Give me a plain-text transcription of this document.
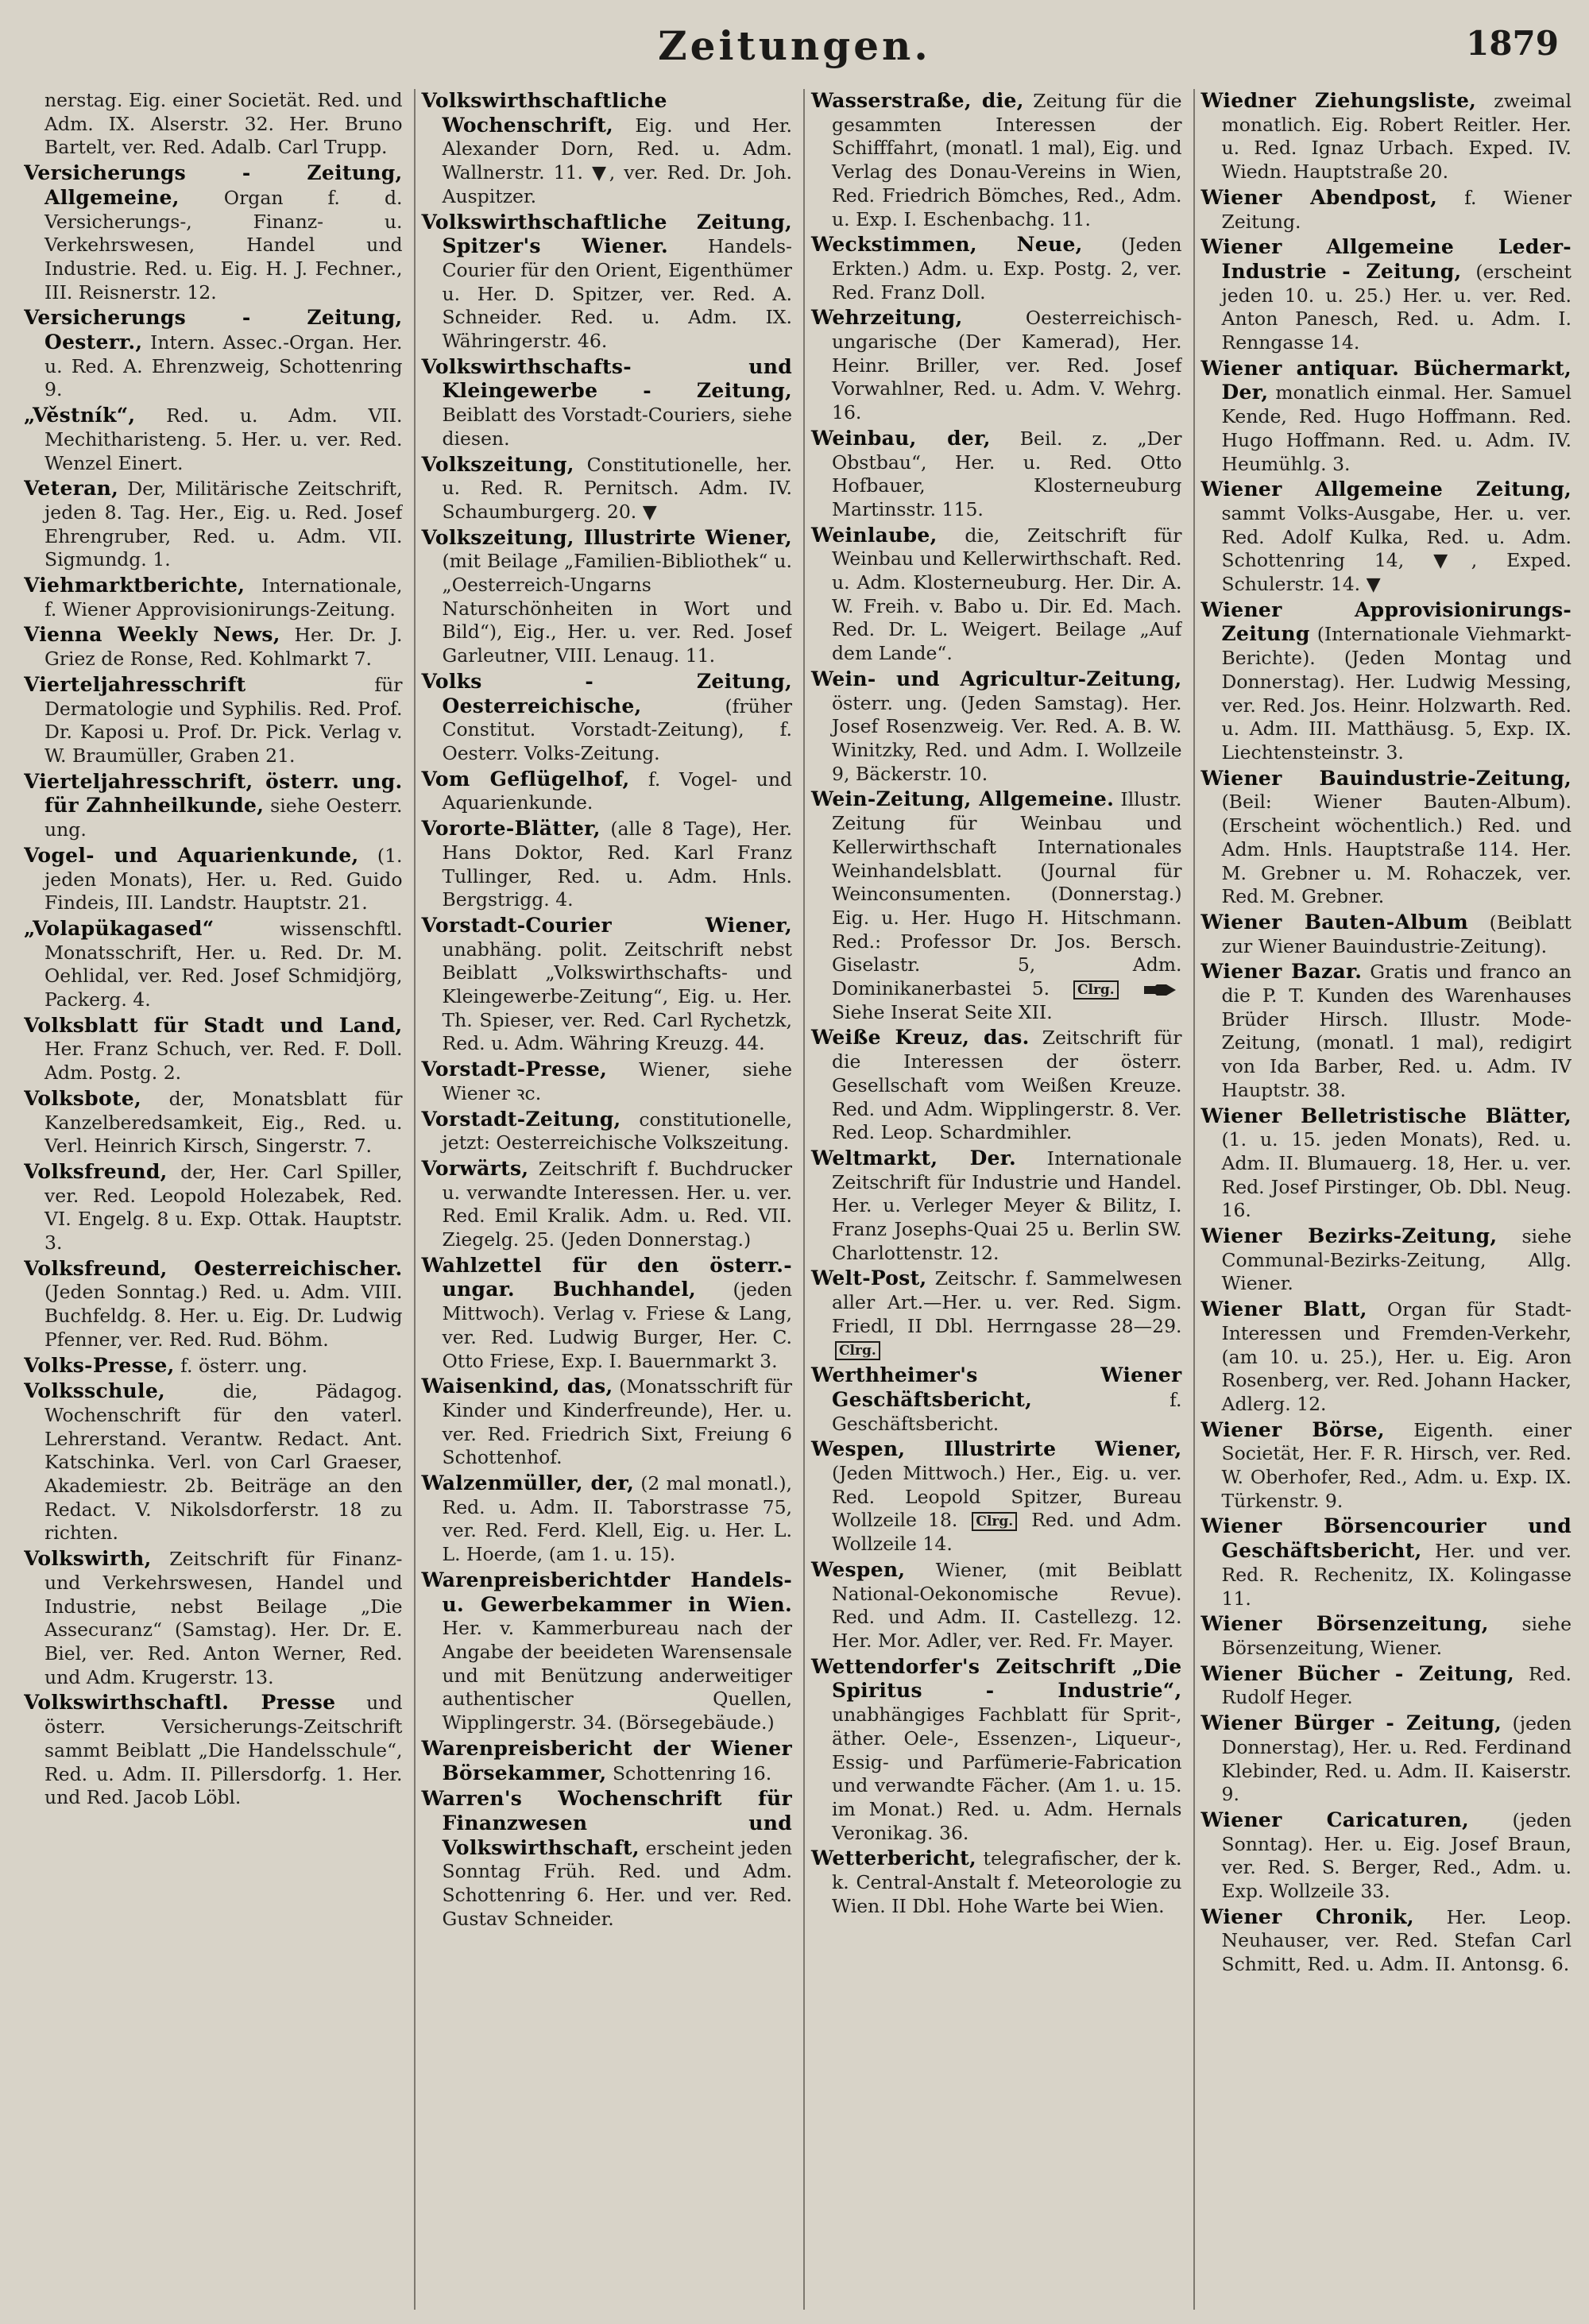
Zeitungen.	1879

nerstag. Eig. einer Societät. Red. und Adm. IX. Alserstr. 32. Her. Bruno Bartelt, ver. Red. Adalb. Carl Trupp.

Versicherungs - Zeitung, Allgemeine, Organ f. d. Versicherungs-, Finanz- u. Verkehrswesen, Handel und Industrie. Red. u. Eig. H. J. Fechner., III. Reisnerstr. 12.

Versicherungs - Zeitung, Oesterr., Intern. Assec.-Organ. Her. u. Red. A. Ehrenzweig, Schottenring 9.

„Věstník“, Red. u. Adm. VII. Mechitharisteng. 5. Her. u. ver. Red. Wenzel Einert.

Veteran, Der, Militärische Zeitschrift, jeden 8. Tag. Her., Eig. u. Red. Josef Ehrengruber, Red. u. Adm. VII. Sigmundg. 1.

Viehmarktberichte, Internationale, f. Wiener Approvisionirungs-Zeitung.

Vienna Weekly News, Her. Dr. J. Griez de Ronse, Red. Kohlmarkt 7.

Vierteljahresschrift	für Dermatologie und Syphilis. Red. Prof. Dr. Kaposi u. Prof. Dr. Pick. Verlag v. W. Braumüller, Graben 21.

Vierteljahresschrift, österr. ung. für Zahnheilkunde, siehe Oesterr. ung.

Vogel- und Aquarienkunde, (1. jeden Monats), Her. u. Red. Guido Findeis, III. Landstr. Hauptstr. 21.

„Volapükagased“	wissenschftl. Monatsschrift, Her. u. Red. Dr. M. Oehlidal, ver. Red. Josef Schmidjörg, Packerg. 4.

Volksblatt für Stadt und Land, Her. Franz Schuch, ver. Red. F. Doll. Adm. Postg. 2.

Volksbote, der, Monatsblatt für Kanzelberedsamkeit, Eig., Red. u. Verl. Heinrich Kirsch, Singerstr. 7.

Volksfreund, der, Her. Carl Spiller, ver. Red. Leopold Holezabek, Red. VI. Engelg. 8 u. Exp. Ottak. Hauptstr. 3.

Volksfreund, Oesterreichischer. (Jeden Sonntag.) Red. u. Adm. VIII. Buchfeldg. 8. Her. u. Eig. Dr. Ludwig Pfenner, ver. Red. Rud. Böhm.

Volks-Presse, f. österr. ung.

Volksschule,	die, Pädagog. Wochenschrift für den vaterl. Lehrerstand. Verantw. Redact. Ant. Katschinka. Verl. von Carl Graeser, Akademiestr. 2b. Beiträge an den Redact. V. Nikolsdorferstr. 18 zu richten.

Volkswirth, Zeitschrift für Finanz- und Verkehrswesen, Handel und Industrie, nebst Beilage „Die Assecuranz“ (Samstag). Her. Dr. E. Biel, ver. Red. Anton Werner, Red. und Adm. Krugerstr. 13.

Volkswirthschaftl. Presse und österr. Versicherungs-Zeitschrift sammt Beiblatt „Die Handelsschule“, Red. u. Adm. II. Pillersdorfg. 1. Her. und Red. Jacob Löbl.

Volkswirthschaftliche Wochenschrift, Eig. und Her. Alexander Dorn, Red. u. Adm. Wallnerstr. 11. ▼, ver. Red. Dr. Joh. Auspitzer.

Volkswirthschaftliche Zeitung, Spitzer's Wiener. Handels-Courier für den Orient, Eigenthümer u. Her. D. Spitzer, ver. Red. A. Schneider. Red. u. Adm. IX. Währingerstr. 46.

Volkswirthschafts- und Kleingewerbe - Zeitung, Beiblatt des Vorstadt-Couriers, siehe diesen.

Volkszeitung, Constitutionelle, her. u. Red. R. Pernitsch. Adm. IV. Schaumburgerg. 20. ▼

Volkszeitung, Illustrirte Wiener, (mit Beilage „Familien-Bibliothek“ u. „Oesterreich-Ungarns Naturschönheiten in Wort und Bild“), Eig., Her. u. ver. Red. Josef Garleutner, VIII. Lenaug. 11.

Volks - Zeitung, Oesterreichische,	(früher Constitut. Vorstadt-Zeitung), f. Oesterr. Volks-Zeitung.

Vom Geflügelhof, f. Vogel- und Aquarienkunde.

Vororte-Blätter, (alle 8 Tage), Her. Hans Doktor, Red. Karl Franz Tullinger, Red. u. Adm. Hnls. Bergstrigg. 4.

Vorstadt-Courier Wiener, unabhäng. polit. Zeitschrift nebst Beiblatt „Volkswirthschafts- und Kleingewerbe-Zeitung“, Eig. u. Her. Th. Spieser, ver. Red. Carl Rychetzk, Red. u. Adm. Währing Kreuzg. 44.

Vorstadt-Presse, Wiener, siehe Wiener ꝛc.

Vorstadt-Zeitung, constitutionelle, jetzt: Oesterreichische Volkszeitung.

Vorwärts, Zeitschrift f. Buchdrucker u. verwandte Interessen. Her. u. ver. Red. Emil Kralik. Adm. u. Red. VII. Ziegelg. 25. (Jeden Donnerstag.)

Wahlzettel für den österr.-ungar. Buchhandel, (jeden Mittwoch). Verlag v. Friese & Lang, ver. Red. Ludwig Burger, Her. C. Otto Friese, Exp. I. Bauernmarkt 3.

Waisenkind, das, (Monatsschrift für Kinder und Kinderfreunde), Her. u. ver. Red. Friedrich Sixt, Freiung 6 Schottenhof.

Walzenmüller, der, (2 mal monatl.), Red. u. Adm. II. Taborstrasse 75, ver. Red. Ferd. Klell, Eig. u. Her. L. L. Hoerde, (am 1. u. 15).

Warenpreisberichtder Handels- u. Gewerbekammer in Wien. Her. v. Kammerbureau nach der Angabe der beeideten Warensensale und mit Benützung anderweitiger authentischer Quellen, Wipplingerstr. 34. (Börsegebäude.)

Warenpreisbericht der Wiener Börsekammer, Schottenring 16.

Warren's Wochenschrift für Finanzwesen und Volkswirthschaft, erscheint jeden Sonntag Früh. Red. und Adm. Schottenring 6. Her. und ver. Red. Gustav Schneider.

Wasserstraße, die, Zeitung für die gesammten Interessen der Schifffahrt, (monatl. 1 mal), Eig. und Verlag des Donau-Vereins in Wien, Red. Friedrich Bömches, Red., Adm. u. Exp. I. Eschenbachg. 11.

Weckstimmen, Neue, (Jeden Erkten.) Adm. u. Exp. Postg. 2, ver. Red. Franz Doll.

Wehrzeitung,	Oesterreichisch-ungarische (Der Kamerad), Her. Heinr. Briller, ver. Red. Josef Vorwahlner, Red. u. Adm. V. Wehrg. 16.

Weinbau, der, Beil. z. „Der Obstbau“, Her. u. Red. Otto Hofbauer, Klosterneuburg Martinsstr. 115.

Weinlaube, die, Zeitschrift für Weinbau und Kellerwirthschaft. Red. u. Adm. Klosterneuburg. Her. Dir. A. W. Freih. v. Babo u. Dir. Ed. Mach. Red. Dr. L. Weigert. Beilage „Auf dem Lande“.

Wein- und Agricultur-Zeitung, österr. ung. (Jeden Samstag). Her. Josef Rosenzweig. Ver. Red. A. B. W. Winitzky, Red. und Adm. I. Wollzeile 9, Bäckerstr. 10.

Wein-Zeitung, Allgemeine. Illustr. Zeitung für Weinbau und Kellerwirthschaft Internationales Weinhandelsblatt. (Journal für Weinconsumenten. (Donnerstag.) Eig. u. Her. Hugo H. Hitschmann. Red.: Professor Dr. Jos. Bersch. Giselastr. 5, Adm. Dominikanerbastei 5. Clrg. Siehe Inserat Seite XII.

Weiße Kreuz, das. Zeitschrift für die Interessen der österr. Gesellschaft vom Weißen Kreuze. Red. und Adm. Wipplingerstr. 8. Ver. Red. Leop. Schardmihler.

Weltmarkt, Der. Internationale Zeitschrift für Industrie und Handel. Her. u. Verleger Meyer & Bilitz, I. Franz Josephs-Quai 25 u. Berlin SW. Charlottenstr. 12.

Welt-Post, Zeitschr. f. Sammelwesen aller Art.—Her. u. ver. Red. Sigm. Friedl, II Dbl. Herrngasse 28—29. Clrg.

Werthheimer's Wiener Geschäftsbericht,	f. Geschäftsbericht.

Wespen, Illustrirte Wiener, (Jeden Mittwoch.) Her., Eig. u. ver. Red. Leopold Spitzer, Bureau Wollzeile 18. Clrg. Red. und Adm. Wollzeile 14.

Wespen, Wiener, (mit Beiblatt National-Oekonomische Revue). Red. und Adm. II. Castellezg. 12. Her. Mor. Adler, ver. Red. Fr. Mayer.

Wettendorfer's Zeitschrift „Die Spiritus - Industrie“, unabhängiges Fachblatt für Sprit-, äther. Oele-, Essenzen-, Liqueur-, Essig- und Parfümerie-Fabrication und verwandte Fächer. (Am 1. u. 15. im Monat.) Red. u. Adm. Hernals Veronikag. 36.

Wetterbericht, telegrafischer, der k. k. Central-Anstalt f. Meteorologie zu Wien. II Dbl. Hohe Warte bei Wien.

Wiedner Ziehungsliste, zweimal monatlich. Eig. Robert Reitler. Her. u. Red. Ignaz Urbach. Exped. IV. Wiedn. Hauptstraße 20.

Wiener Abendpost, f. Wiener Zeitung.

Wiener Allgemeine Leder-Industrie - Zeitung, (erscheint jeden 10. u. 25.) Her. u. ver. Red. Anton Panesch, Red. u. Adm. I. Renngasse 14.

Wiener antiquar. Büchermarkt, Der, monatlich einmal. Her. Samuel Kende, Red. Hugo Hoffmann. Red. Hugo Hoffmann. Red. u. Adm. IV. Heumühlg. 3.

Wiener Allgemeine Zeitung, sammt Volks-Ausgabe, Her. u. ver. Red. Adolf Kulka, Red. u. Adm. Schottenring 14, ▼, Exped. Schulerstr. 14. ▼

Wiener Approvisionirungs-Zeitung (Internationale Viehmarkt-Berichte). (Jeden Montag und Donnerstag). Her. Ludwig Messing, ver. Red. Jos. Heinr. Holzwarth. Red. u. Adm. III. Matthäusg. 5, Exp. IX. Liechtensteinstr. 3.

Wiener Bauindustrie-Zeitung, (Beil: Wiener Bauten-Album). (Erscheint wöchentlich.) Red. und Adm. Hnls. Hauptstraße 114. Her. M. Grebner u. M. Rohaczek, ver. Red. M. Grebner.

Wiener Bauten-Album (Beiblatt zur Wiener Bauindustrie-Zeitung).

Wiener Bazar. Gratis und franco an die P. T. Kunden des Warenhauses Brüder Hirsch. Illustr. Mode-Zeitung, (monatl. 1 mal), redigirt von Ida Barber, Red. u. Adm. IV Hauptstr. 38.

Wiener Belletristische Blätter, (1. u. 15. jeden Monats), Red. u. Adm. II. Blumauerg. 18, Her. u. ver. Red. Josef Pirstinger, Ob. Dbl. Neug. 16.

Wiener Bezirks-Zeitung, siehe Communal-Bezirks-Zeitung, Allg. Wiener.

Wiener Blatt, Organ für Stadt-Interessen und Fremden-Verkehr, (am 10. u. 25.), Her. u. Eig. Aron Rosenberg, ver. Red. Johann Hacker, Adlerg. 12.

Wiener Börse, Eigenth. einer Societät, Her. F. R. Hirsch, ver. Red. W. Oberhofer, Red., Adm. u. Exp. IX. Türkenstr. 9.

Wiener Börsencourier und Geschäftsbericht, Her. und ver. Red. R. Rechenitz, IX. Kolingasse 11.

Wiener Börsenzeitung, siehe Börsenzeitung, Wiener.

Wiener Bücher - Zeitung, Red. Rudolf Heger.

Wiener Bürger - Zeitung, (jeden Donnerstag), Her. u. Red. Ferdinand Klebinder, Red. u. Adm. II. Kaiserstr. 9.

Wiener Caricaturen, (jeden Sonntag). Her. u. Eig. Josef Braun, ver. Red. S. Berger, Red., Adm. u. Exp. Wollzeile 33.

Wiener Chronik, Her. Leop. Neuhauser, ver. Red. Stefan Carl Schmitt, Red. u. Adm. II. Antonsg. 6.
